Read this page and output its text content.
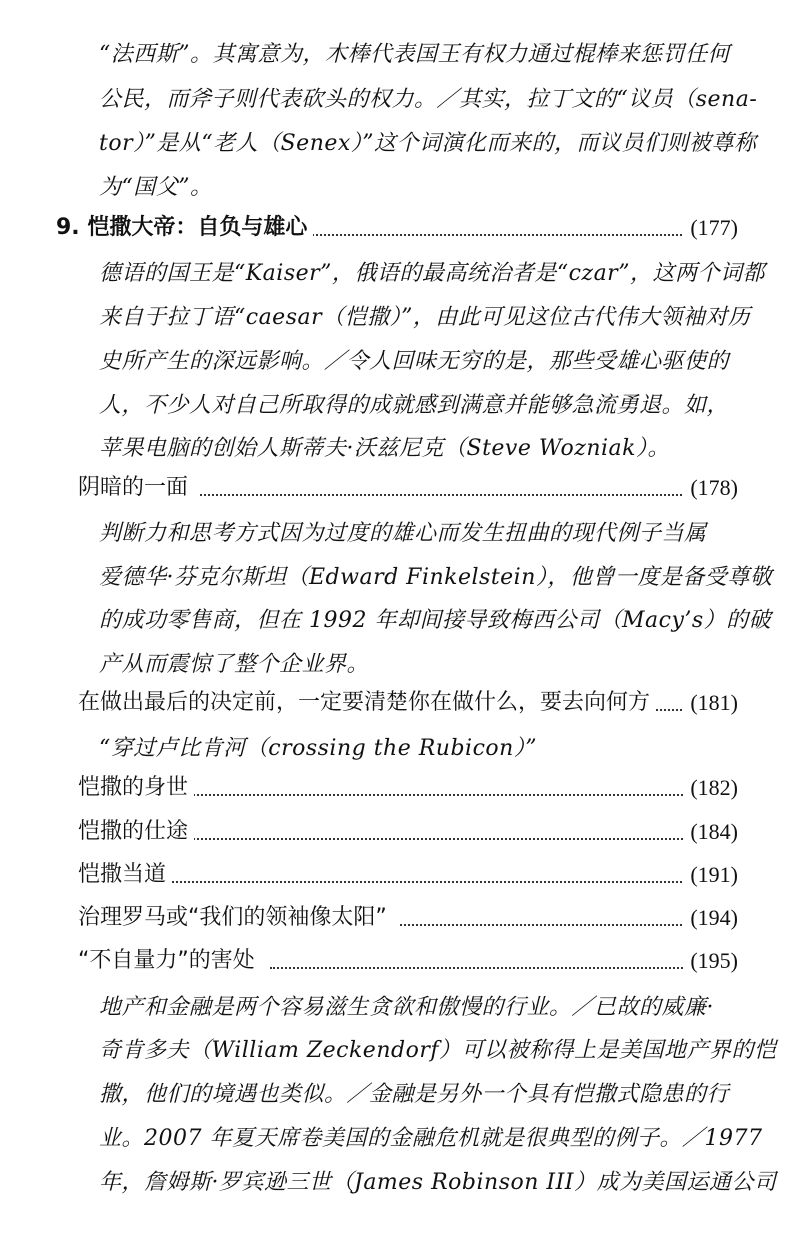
“法西斯”。其寓意为，木棒代表国王有权力通过棍棒来惩罚任何
公民，而斧子则代表砍头的权力。／其实，拉丁文的“议员（sena-
tor）”是从“老人（Senex）”这个词演化而来的，而议员们则被尊称
为“国父”。
9. 恺撒大帝：自负与雄心	(177)
德语的国王是“Kaiser”，俄语的最高统治者是“czar”，这两个词都
来自于拉丁语“caesar（恺撒）”，由此可见这位古代伟大领袖对历
史所产生的深远影响。／令人回味无穷的是，那些受雄心驱使的
人，不少人对自己所取得的成就感到满意并能够急流勇退。如，
苹果电脑的创始人斯蒂夫·沃兹尼克（Steve Wozniak）。
阴暗的一面	(178)
判断力和思考方式因为过度的雄心而发生扭曲的现代例子当属
爱德华·芬克尔斯坦（Edward Finkelstein），他曾一度是备受尊敬
的成功零售商，但在 1992 年却间接导致梅西公司（Macy’s）的破
产从而震惊了整个企业界。
在做出最后的决定前，一定要清楚你在做什么，要去向何方 (181)
“穿过卢比肯河（crossing the Rubicon）”
恺撒的身世	(182)
恺撒的仕途	(184)
恺撒当道	(191)
治理罗马或“我们的领袖像太阳”	(194)
“不自量力”的害处	(195)
地产和金融是两个容易滋生贪欲和傲慢的行业。／已故的威廉·
奇肯多夫（William Zeckendorf）可以被称得上是美国地产界的恺
撒，他们的境遇也类似。／金融是另外一个具有恺撒式隐患的行
业。2007 年夏天席卷美国的金融危机就是很典型的例子。／1977
年，詹姆斯·罗宾逊三世（James Robinson III）成为美国运通公司
